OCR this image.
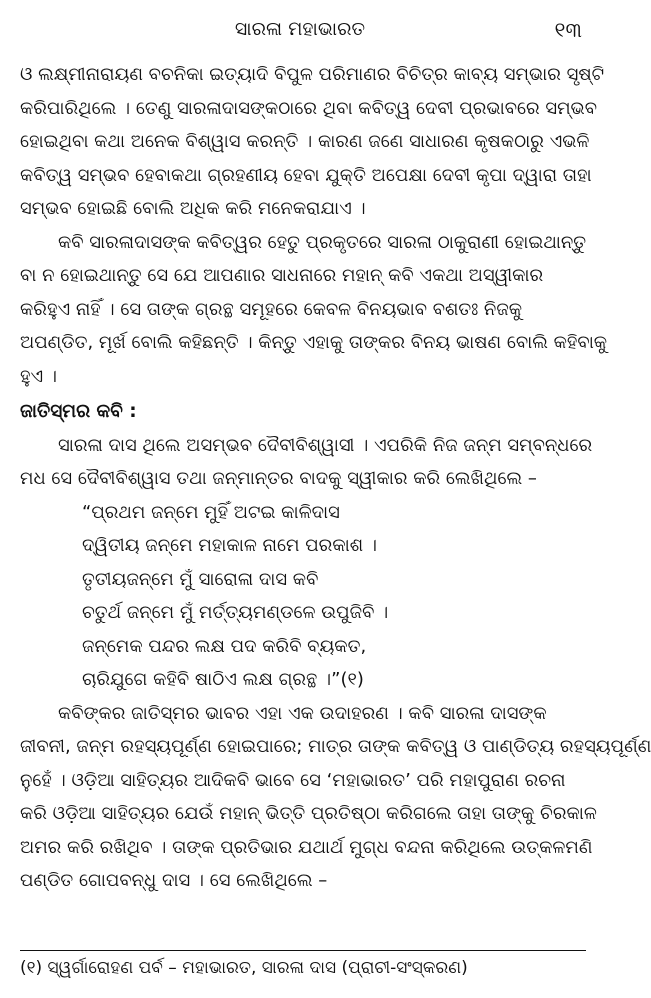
ସାରଳା ମହାଭାରତ	୧୩
ଓ ଲକ୍ଷ୍ମୀନାରାୟଣ ବଚନିକା ଇତ୍ୟାଦି ବିପୁଳ ପରିମାଣର ବିଚିତ୍ର କାବ୍ୟ ସମ୍ଭାର ସୃଷ୍ଟି
କରିପାରିଥିଲେ । ତେଣୁ ସାରଳାଦାସଙ୍କଠାରେ ଥିବା କବିତ୍ୱ ଦେବୀ ପ୍ରଭାବରେ ସମ୍ଭବ
ହୋଇଥିବା କଥା ଅନେକ ବିଶ୍ୱାସ କରନ୍ତି । କାରଣ ଜଣେ ସାଧାରଣ କୃଷକଠାରୁ ଏଭଳି
କବିତ୍ୱ ସମ୍ଭବ ହେବାକଥା ଗ୍ରହଣୀୟ ହେବା ଯୁକ୍ତି ଅପେକ୍ଷା ଦେବୀ କୃପା ଦ୍ୱାରା ତାହା
ସମ୍ଭବ ହୋଇଛି ବୋଲି ଅଧିକ କରି ମନେକରାଯାଏ ।
କବି ସାରଳାଦାସଙ୍କ କବିତ୍ୱର ହେତୁ ପ୍ରକୃତରେ ସାରଳା ଠାକୁରାଣୀ ହୋଇଥାନ୍ତୁ
ବା ନ ହୋଇଥାନ୍ତୁ ସେ ଯେ ଆପଣାର ସାଧନାରେ ମହାନ୍ କବି ଏକଥା ଅସ୍ୱୀକାର
କରିହୁଏ ନାହିଁ । ସେ ତାଙ୍କ ଗ୍ରନ୍ଥ ସମୂହରେ କେବଳ ବିନୟଭାବ ବଶତଃ ନିଜକୁ
ଅପଣ୍ଡିତ, ମୂର୍ଖ ବୋଲି କହିଛନ୍ତି । କିନ୍ତୁ ଏହାକୁ ତାଙ୍କର ବିନୟ ଭାଷଣ ବୋଲି କହିବାକୁ
ହୁଏ ।
ଜାତିସ୍ମର କବି :
ସାରଳା ଦାସ ଥିଲେ ଅସମ୍ଭବ ଦୈବୀବିଶ୍ୱାସୀ । ଏପରିକି ନିଜ ଜନ୍ମ ସମ୍ବନ୍ଧରେ
ମଧ ସେ ଦୈବୀବିଶ୍ୱାସ ତଥା ଜନ୍ମାନ୍ତର ବାଦକୁ ସ୍ୱୀକାର କରି ଲେଖିଥିଲେ –
“ପ୍ରଥମ ଜନ୍ମେ ମୁହିଁ ଅଟଇ କାଳିଦାସ
ଦ୍ୱିତୀୟ ଜନ୍ମେ ମହାକାଳ ନାମେ ପରକାଶ ।
ତୃତୀୟଜନ୍ମେ ମୁଁ ସାରୋଳା ଦାସ କବି
ଚତୁର୍ଥ ଜନ୍ମେ ମୁଁ ମର୍ତ୍ତ୍ୟମଣ୍ଡଳେ ଉପୁଜିବି ।
ଜନ୍ମେକ ପନ୍ଦର ଲକ୍ଷ ପଦ କରିବି ବ୍ୟକତ,
ଚାରିଯୁଗେ କହିବି ଷାଠିଏ ଲକ୍ଷ ଗ୍ରନ୍ଥ ।”(୧)
କବିଙ୍କର ଜାତିସ୍ମର ଭାବର ଏହା ଏକ ଉଦାହରଣ । କବି ସାରଳା ଦାସଙ୍କ
ଜୀବନୀ, ଜନ୍ମ ରହସ୍ୟପୂର୍ଣ୍ଣ ହୋଇପାରେ; ମାତ୍ର ତାଙ୍କ କବିତ୍ୱ ଓ ପାଣ୍ଡିତ୍ୟ ରହସ୍ୟପୂର୍ଣ୍ଣ
ନୁହେଁ । ଓଡ଼ିଆ ସାହିତ୍ୟର ଆଦିକବି ଭାବେ ସେ ‘ମହାଭାରତ’ ପରି ମହାପୁରାଣ ରଚନା
କରି ଓଡ଼ିଆ ସାହିତ୍ୟର ଯେଉଁ ମହାନ୍ ଭିତ୍ତି ପ୍ରତିଷ୍ଠା କରିଗଲେ ତାହା ତାଙ୍କୁ ଚିରକାଳ
ଅମର କରି ରଖିଥିବ । ତାଙ୍କ ପ୍ରତିଭାର ଯଥାର୍ଥ ମୁଗ୍ଧ ବନ୍ଦନା କରିଥିଲେ ଉତ୍କଳମଣି
ପଣ୍ଡିତ ଗୋପବନ୍ଧୁ ଦାସ । ସେ ଲେଖିଥିଲେ –
(୧) ସ୍ୱର୍ଗାରୋହଣ ପର୍ବ – ମହାଭାରତ, ସାରଳା ଦାସ (ପ୍ରାଚୀ-ସଂସ୍କରଣ)
